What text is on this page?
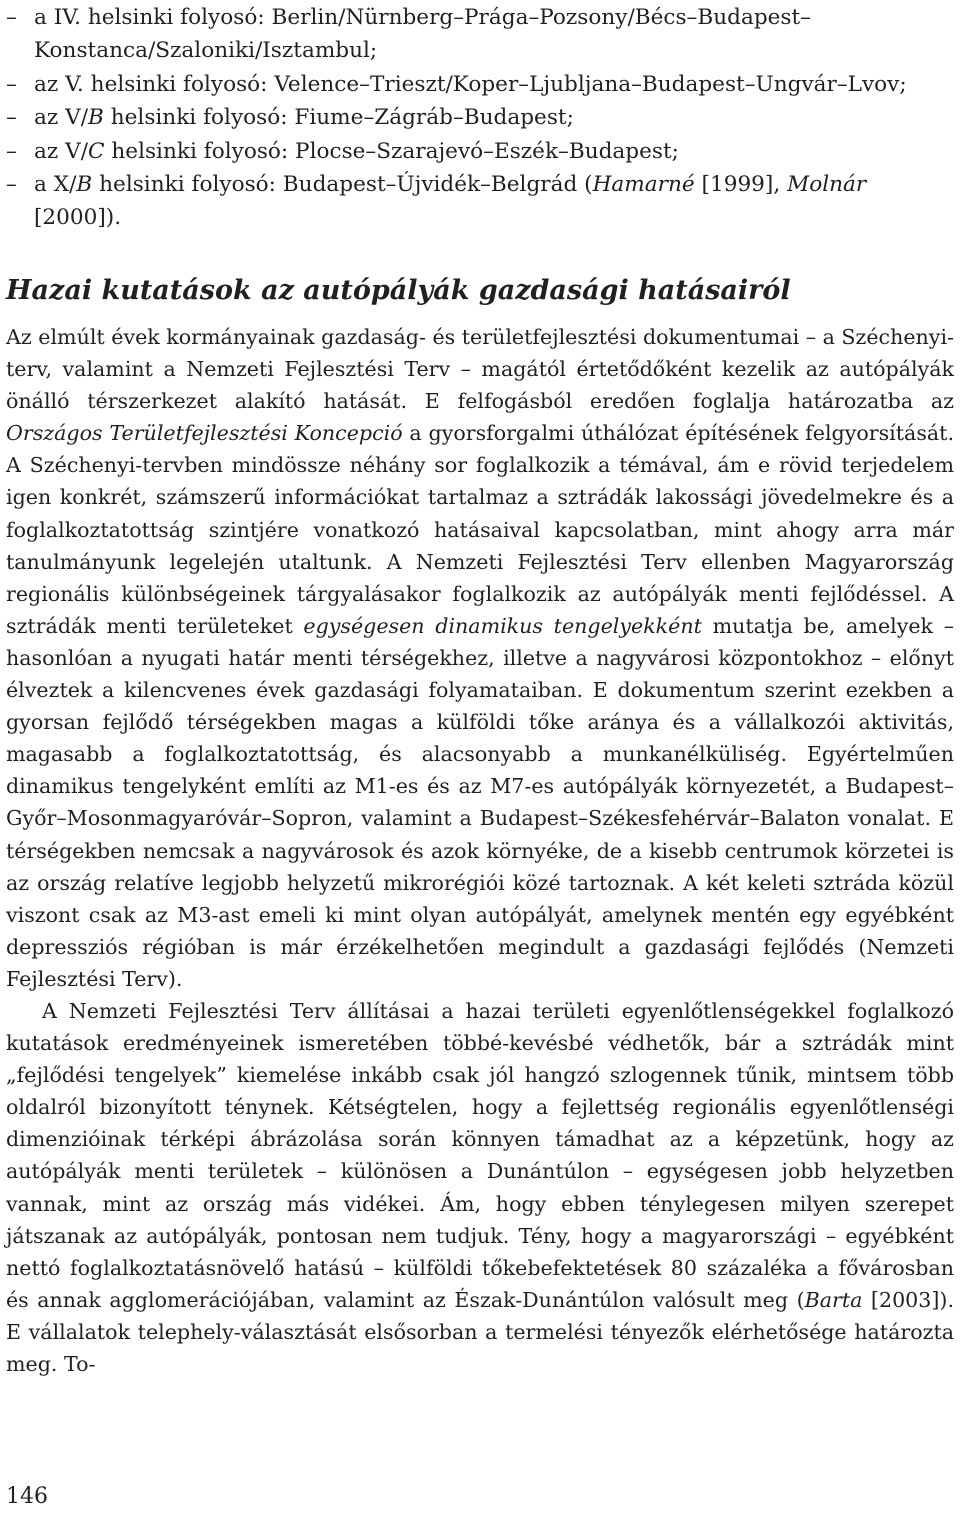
– a IV. helsinki folyosó: Berlin/Nürnberg–Prága–Pozsony/Bécs–Budapest–Konstanca/Szaloniki/Isztambul;
– az V. helsinki folyosó: Velence–Trieszt/Koper–Ljubljana–Budapest–Ungvár–Lvov;
– az V/B helsinki folyosó: Fiume–Zágráb–Budapest;
– az V/C helsinki folyosó: Plocse–Szarajevó–Eszék–Budapest;
– a X/B helsinki folyosó: Budapest–Újvidék–Belgrád (Hamarné [1999], Molnár [2000]).
Hazai kutatások az autópályák gazdasági hatásairól

Az elmúlt évek kormányainak gazdaság- és területfejlesztési dokumentumai – a Széchenyi-terv, valamint a Nemzeti Fejlesztési Terv – magától értetődőként kezelik az autópályák önálló térszerkezet alakító hatását. E felfogásból eredően foglalja határozatba az Országos Területfejlesztési Koncepció a gyorsforgalmi úthálózat építésének felgyorsítását. A Széchenyi-tervben mindössze néhány sor foglalkozik a témával, ám e rövid terjedelem igen konkrét, számszerű információkat tartalmaz a sztrádák lakossági jövedelmekre és a foglalkoztatottság szintjére vonatkozó hatásaival kapcsolatban, mint ahogy arra már tanulmányunk legelején utaltunk. A Nemzeti Fejlesztési Terv ellenben Magyarország regionális különbségeinek tárgyalásakor foglalkozik az autópályák menti fejlődéssel. A sztrádák menti területeket egységesen dinamikus tengelyekként mutatja be, amelyek – hasonlóan a nyugati határ menti térségekhez, illetve a nagyvárosi központokhoz – előnyt élveztek a kilencvenes évek gazdasági folyamataiban. E dokumentum szerint ezekben a gyorsan fejlődő térségekben magas a külföldi tőke aránya és a vállalkozói aktivitás, magasabb a foglalkoztatottság, és alacsonyabb a munkanélküliség. Egyértelműen dinamikus tengelyként említi az M1-es és az M7-es autópályák környezetét, a Budapest–Győr–Mosonmagyaróvár–Sopron, valamint a Budapest–Székesfehérvár–Balaton vonalat. E térségekben nemcsak a nagyvárosok és azok környéke, de a kisebb centrumok körzetei is az ország relatíve legjobb helyzetű mikrorégiói közé tartoznak. A két keleti sztráda közül viszont csak az M3-ast emeli ki mint olyan autópályát, amelynek mentén egy egyébként depressziós régióban is már érzékelhetően megindult a gazdasági fejlődés (Nemzeti Fejlesztési Terv).

A Nemzeti Fejlesztési Terv állításai a hazai területi egyenlőtlenségekkel foglalkozó kutatások eredményeinek ismeretében többé-kevésbé védhetők, bár a sztrádák mint „fejlődési tengelyek” kiemelése inkább csak jól hangzó szlogennek tűnik, mintsem több oldalról bizonyított ténynek. Kétségtelen, hogy a fejlettség regionális egyenlőtlenségi dimenzióinak térképi ábrázolása során könnyen támadhat az a képzetünk, hogy az autópályák menti területek – különösen a Dunántúlon – egységesen jobb helyzetben vannak, mint az ország más vidékei. Ám, hogy ebben ténylegesen milyen szerepet játszanak az autópályák, pontosan nem tudjuk. Tény, hogy a magyarországi – egyébként nettó foglalkoztatásnövelő hatású – külföldi tőkebefektetések 80 százaléka a fővárosban és annak agglomerációjában, valamint az Észak-Dunántúlon valósult meg (Barta [2003]). E vállalatok telephely-választását elsősorban a termelési tényezők elérhetősége határozta meg. To-

146
